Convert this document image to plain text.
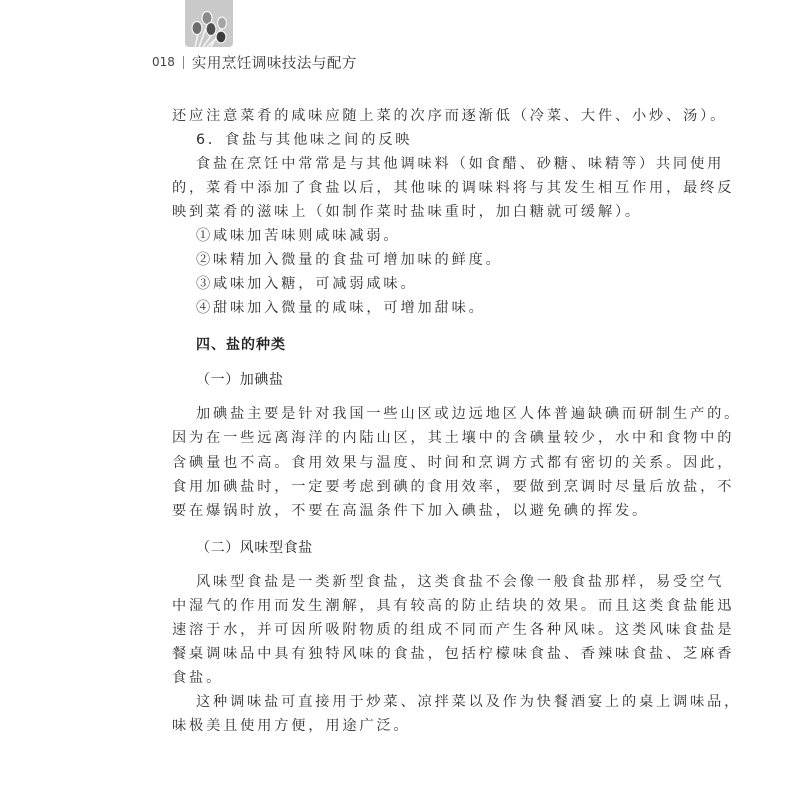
018 实用烹饪调味技法与配方
还应注意菜肴的咸味应随上菜的次序而逐渐低（冷菜、大件、小炒、汤）。
6．食盐与其他味之间的反映
食盐在烹饪中常常是与其他调味料（如食醋、砂糖、味精等）共同使用
的，菜肴中添加了食盐以后，其他味的调味料将与其发生相互作用，最终反
映到菜肴的滋味上（如制作菜时盐味重时，加白糖就可缓解）。
①咸味加苦味则咸味减弱。
②味精加入微量的食盐可增加味的鲜度。
③咸味加入糖，可减弱咸味。
④甜味加入微量的咸味，可增加甜味。
四、盐的种类
（一）加碘盐
加碘盐主要是针对我国一些山区或边远地区人体普遍缺碘而研制生产的。
因为在一些远离海洋的内陆山区，其土壤中的含碘量较少，水中和食物中的
含碘量也不高。食用效果与温度、时间和烹调方式都有密切的关系。因此，
食用加碘盐时，一定要考虑到碘的食用效率，要做到烹调时尽量后放盐，不
要在爆锅时放，不要在高温条件下加入碘盐，以避免碘的挥发。
（二）风味型食盐
风味型食盐是一类新型食盐，这类食盐不会像一般食盐那样，易受空气
中湿气的作用而发生潮解，具有较高的防止结块的效果。而且这类食盐能迅
速溶于水，并可因所吸附物质的组成不同而产生各种风味。这类风味食盐是
餐桌调味品中具有独特风味的食盐，包括柠檬味食盐、香辣味食盐、芝麻香
食盐。
这种调味盐可直接用于炒菜、凉拌菜以及作为快餐酒宴上的桌上调味品，
味极美且使用方便，用途广泛。
